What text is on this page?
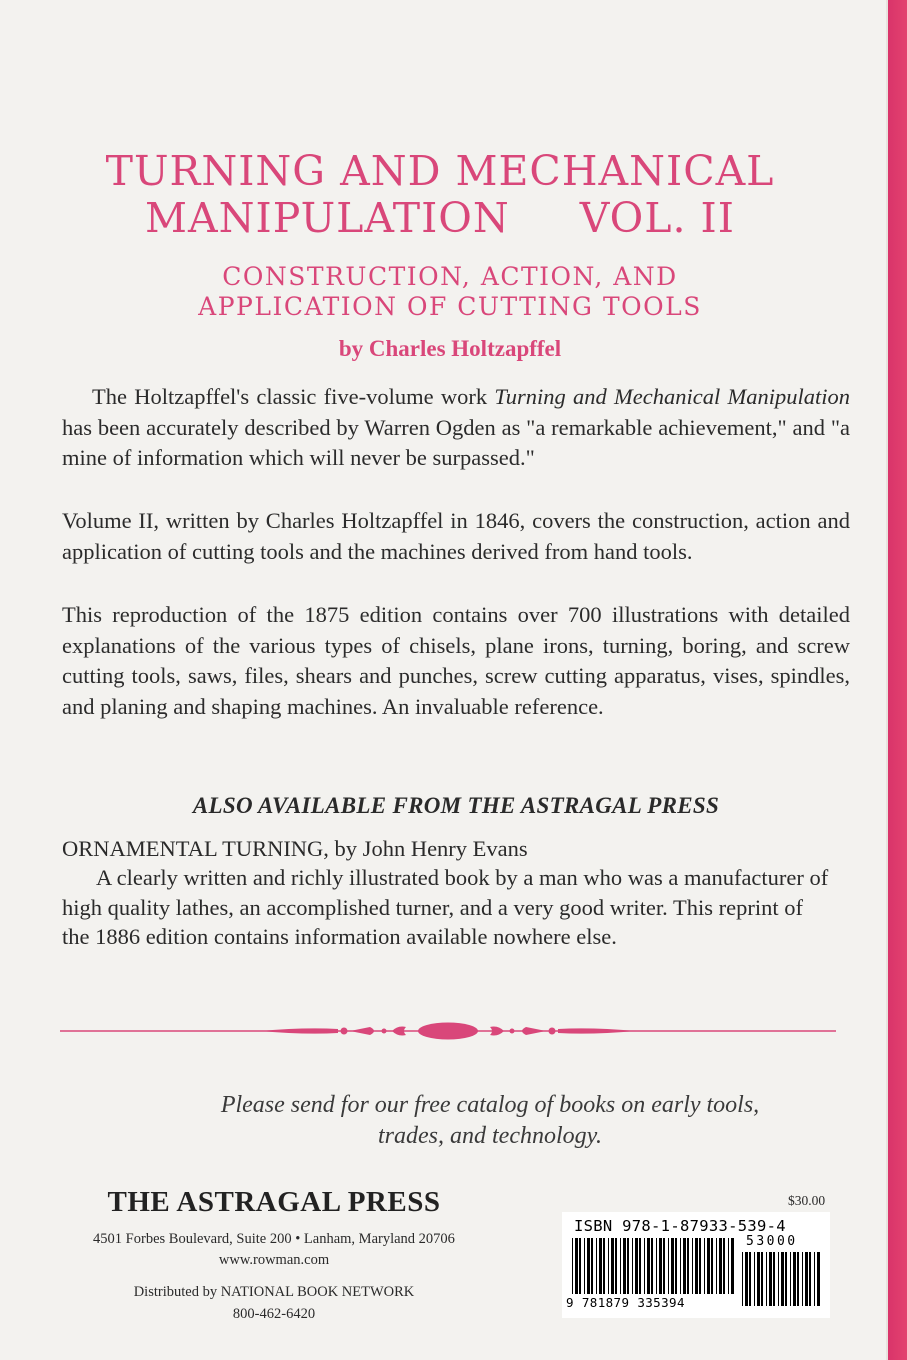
TURNING AND MECHANICAL
MANIPULATION VOL. II

CONSTRUCTION, ACTION, AND

APPLICATION OF CUTTING TOOLS

by Charles Holtzapffel

The Holtzapffel's classic five-volume work Turning and Mechanical Manipulation has been accurately described by Warren Ogden as "a remarkable achievement," and "a mine of information which will never be surpassed."

Volume II, written by Charles Holtzapffel in 1846, covers the construction, action and application of cutting tools and the machines derived from hand tools.

This reproduction of the 1875 edition contains over 700 illustrations with detailed explanations of the various types of chisels, plane irons, turning, boring, and screw cutting tools, saws, files, shears and punches, screw cutting apparatus, vises, spindles, and planing and shaping machines. An invaluable reference.

ALSO AVAILABLE FROM THE ASTRAGAL PRESS

ORNAMENTAL TURNING, by John Henry Evans

A clearly written and richly illustrated book by a man who was a manufacturer of high quality lathes, an accomplished turner, and a very good writer. This reprint of the 1886 edition contains information available nowhere else.

Please send for our free catalog of books on early tools,
trades, and technology.

THE ASTRAGAL PRESS

4501 Forbes Boulevard, Suite 200 • Lanham, Maryland 20706

www.rowman.com

Distributed by NATIONAL BOOK NETWORK

800-462-6420

$30.00

ISBN 978-1-87933-539-4

53000

9 781879 335394
